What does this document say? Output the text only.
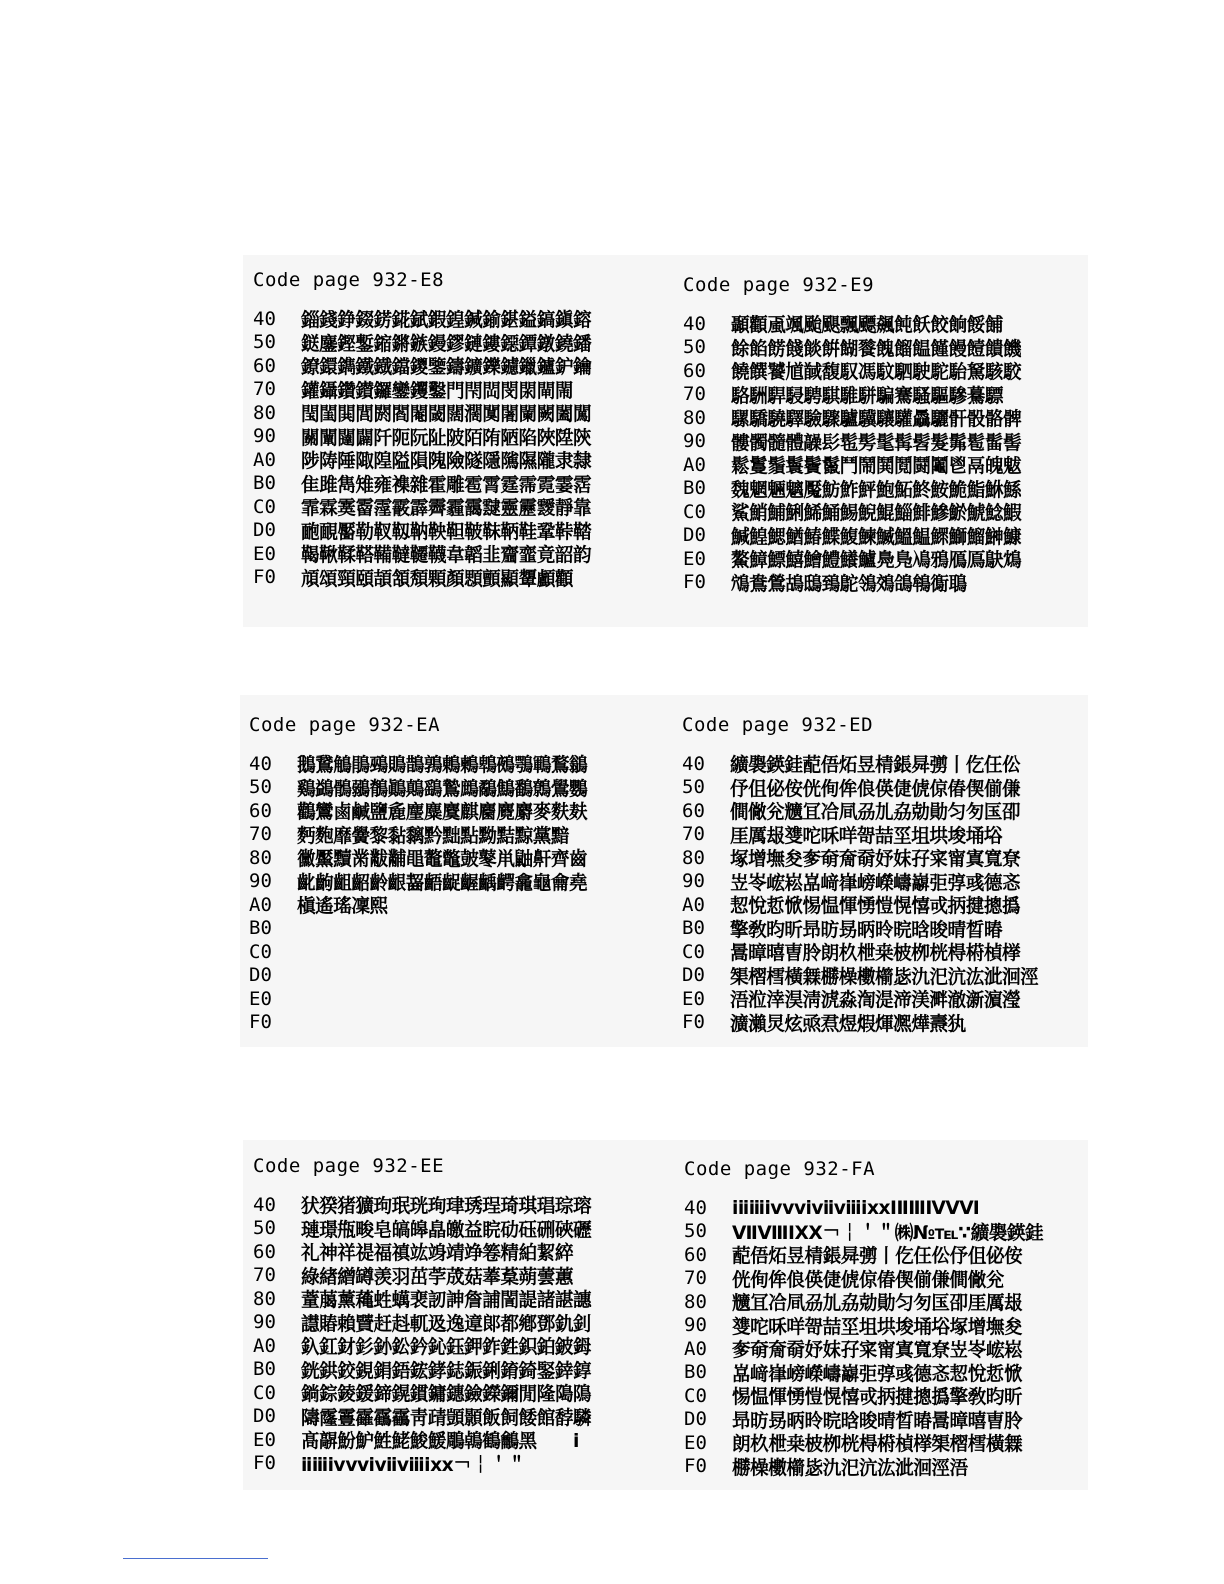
Code page 932-E8
40	錙錢錚錣錺錵錻鍜鍠鍼鍮鍖鎰鎬鎭鎔
50	鎹鏖鏗鏨鏥鏘鏃鏝鏐鏈鏤鐚鐔鐓鐃鐇
60	鐐鐶鐫鐵鐡鐺鑁鑒鑄鑛鑠鑢鑞鑪鈩鑰
70	鑵鑷鑽鑚鑼鑾钁鑿門閇閊閔閖閘閙
80	閠閨閧閭閼閻閹閾闊濶闃闍闌闕闔闖
90	關闡闥闢阡阨阮阯陂陌陏陋陷陜陞陝
A0	陟陦陲陬隍隘隕隗險隧隱隲隰隴隶隸
B0	隹雎雋雉雍襍雜霍雕雹霄霆霈霓霎霑
C0	霏霖霙霤霪霰霹霽霾靄靆靈靂靉靜靠
D0	靤靦靨勒靫靱靹鞅靼鞁靺鞆鞋鞏鞐鞜
E0	鞨鞦鞣鞳鞴韃韆韈韋韜韭齏韲竟韶韵
F0	頏頌頸頤頡頷頽顆顏顋顫顯顰顱顴
Code page 932-E9
40	顳顴颪颯颱颶飄飃飆飩飫餃餉餒餔
50	餘餡餝餞餤餠餬餮餽餾饂饉饅饐饋饑
60	饒饌饕馗馘馥馭馮馼駟駛駝駘駑駭駮
70	駱駲駻駸騁騏騅駢騙騫騷驅驂驀驃
80	騾驕驍驛驗驟驢驥驤驩驫驪骭骰骼髀
90	髏髑髓體髞髟髢髣髦髯髫髮髴髱髷髻
A0	鬆鬘鬚鬟鬢鬣鬥鬧鬨鬩鬪鬮鬯鬲魄魃
B0	魏魍魎魑魘魴鮓鮃鮑鮖鮗鮟鮠鮨鮴鯀
C0	鯊鮹鯆鯏鯑鯒鯣鯢鯤鯔鯡鰺鯲鯱鯰鰕
D0	鰔鰉鰓鰌鰆鰈鰒鰊鰄鰮鰛鰥鰤鰡鰰鱇
E0	鰲鱆鰾鱚鱠鱧鱶鱸鳧鳬鳰鴉鴈鳫鴃鴆
F0	鴪鴦鶯鴣鴟鵄鴕鴒鵁鴿鴾鵆鵈
Code page 932-EA
40	鵝鵞鵤鵑鵐鵙鵲鶉鶇鶫鵯鵺鶚鶤鶩鶲
50	鷄鷁鶻鶸鶺鷆鷏鷂鷙鷓鷸鷦鷭鷯鷽鸚
60	鸛鸞鹵鹹鹽麁麈麋麌麒麕麑麝麥麩麸
70	麪麭靡黌黎黏黐黔黜點黝黠黥黨黯
80	黴黶黷黹黻黼黽鼇鼈皷鼕鼡鼬鼾齊齒
90	齔齣齟齠齡齦齧齬齪齷齲齶龕龜龠堯
A0	槇遙瑤凜熙
B0
C0
D0
E0
F0
Code page 932-ED
40	纊褜鍈銈蓜俉炻昱棈鋹曻彅丨仡仼伀
50	伃伹佖侒侊侚侔俍偀倢俿倞偆偰偂傔
60	僴僘兊兤冝冾凬刕劜劦勀勛匀匇匤卲
70	厓厲叝﨎咜咊咩哿喆坙坥垬埈埇﨏
80	塚增墲夋奓奛奝奣妤妺孖寀甯寘寬尞
90	岦岺峵崧嵓﨑嵂嵭嶸嶹巐弡弴彧德忞
A0	恝悅悊惞惕愠惲愑愷愰憘戓抦揵摠撝
B0	擎敎昀昕昻昉昮昞昤晥晗晙晴晳暙
C0	暠暲暿曺朎朗杦枻桒柀栁桄棏﨓楨﨔
D0	榘槢樰橫橆橳橾櫢櫤毖氿汜沆汯泚洄涇
E0	浯涖涬淏淸淲淼渹湜渧渼溿澈澵濵瀅
F0	瀇瀨炅炫焏焄煜煆煇凞燁燾犱
Code page 932-EE
40	犾猤猪獷玽珉珖珣珒琇珵琦琪琩琮瑢
50	璉璟甁畯皂皜皞皛皦益睆劯砡硎硤礰
60	礼神祥禔福禛竑竧靖竫箞精絈絜綷
70	綠緖繒罇羡羽茁荢荿菇菶葈蒴蕓蕙
80	蕫﨟薰蘒﨡蠇裵訒訷詹誧誾諟諸諶譓
90	譿賰賴贒赶﨣軏﨤逸遧郞都鄕鄧釚釗
A0	釞釭釮釤釥鈆鈐鈊鈺鉀鈼鉎鉙鉑鈹鉧
B0	銧鉷鉸鋧鋗鋙鋐﨧鋕鋠鋓錥錡鋻﨨錞
C0	鋿錝錂鍰鍗鎤鏆鏞鏸鐱鑅鑈閒隆﨩隝
D0	隯霳霻靃靍靏靑靕顗顥飯飼餧館馞驎
E0	髙髜魵魲鮏鮱鮻鰀鵰鵫鶴鸙黑　　ⅰ
F0	ⅱⅲⅳⅴⅵⅶⅷⅸⅹ￢￤＇＂
Code page 932-FA
40	ⅰⅱⅲⅳⅴⅵⅶⅷⅸⅹⅠⅡⅢⅣⅤⅥ
50	ⅦⅧⅨⅩ￢￤＇＂㈱№℡∵纊褜鍈銈
60	蓜俉炻昱棈鋹曻彅丨仡仼伀伃伹佖侒
70	侊侚侔俍偀倢俿倞偆偰偂傔僴僘兊
80	兤冝冾凬刕劜劦勀勛匀匇匤卲厓厲叝
90	﨎咜咊咩哿喆坙坥垬埈埇﨏塚增墲夋
A0	奓奛奝奣妤妺孖寀甯寘寬尞岦岺峵崧
B0	嵓﨑嵂嵭嶸嶹巐弡弴彧德忞恝悅悊惞
C0	惕愠惲愑愷愰憘戓抦揵摠撝擎敎昀昕
D0	昻昉昮昞昤晥晗晙晴晳暙暠暲暿曺朎
E0	朗杦枻桒柀栁桄棏﨓楨﨔榘槢樰橫橆
F0	橳橾櫢櫤毖氿汜沆汯泚洄涇浯
